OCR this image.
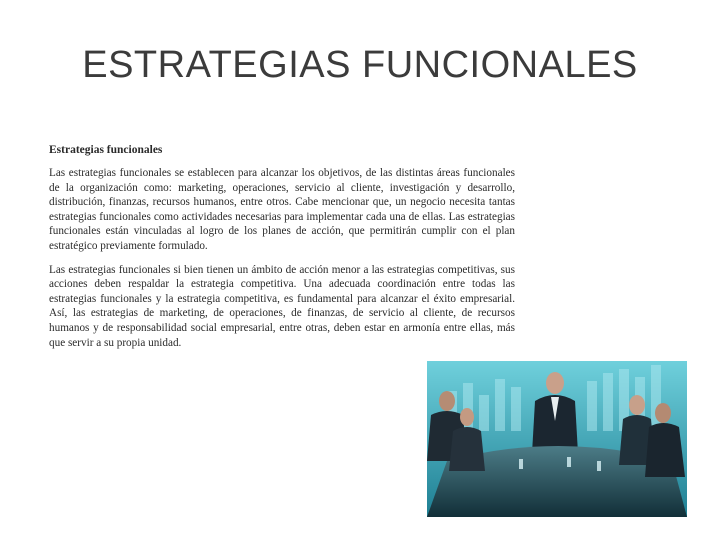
ESTRATEGIAS FUNCIONALES
Estrategias funcionales

Las estrategias funcionales se establecen para alcanzar los objetivos, de las distintas áreas funcionales de la organización como: marketing, operaciones, servicio al cliente, investigación y desarrollo, distribución, finanzas, recursos humanos, entre otros. Cabe mencionar que, un negocio necesita tantas estrategias funcionales como actividades necesarias para implementar cada una de ellas. Las estrategias funcionales están vinculadas al logro de los planes de acción, que permitirán cumplir con el plan estratégico previamente formulado.

Las estrategias funcionales si bien tienen un ámbito de acción menor a las estrategias competitivas, sus acciones deben respaldar la estrategia competitiva. Una adecuada coordinación entre todas las estrategias funcionales y la estrategia competitiva, es fundamental para alcanzar el éxito empresarial. Así, las estrategias de marketing, de operaciones, de finanzas, de servicio al cliente, de recursos humanos y de responsabilidad social empresarial, entre otras, deben estar en armonía entre ellas, más que servir a su propia unidad.
